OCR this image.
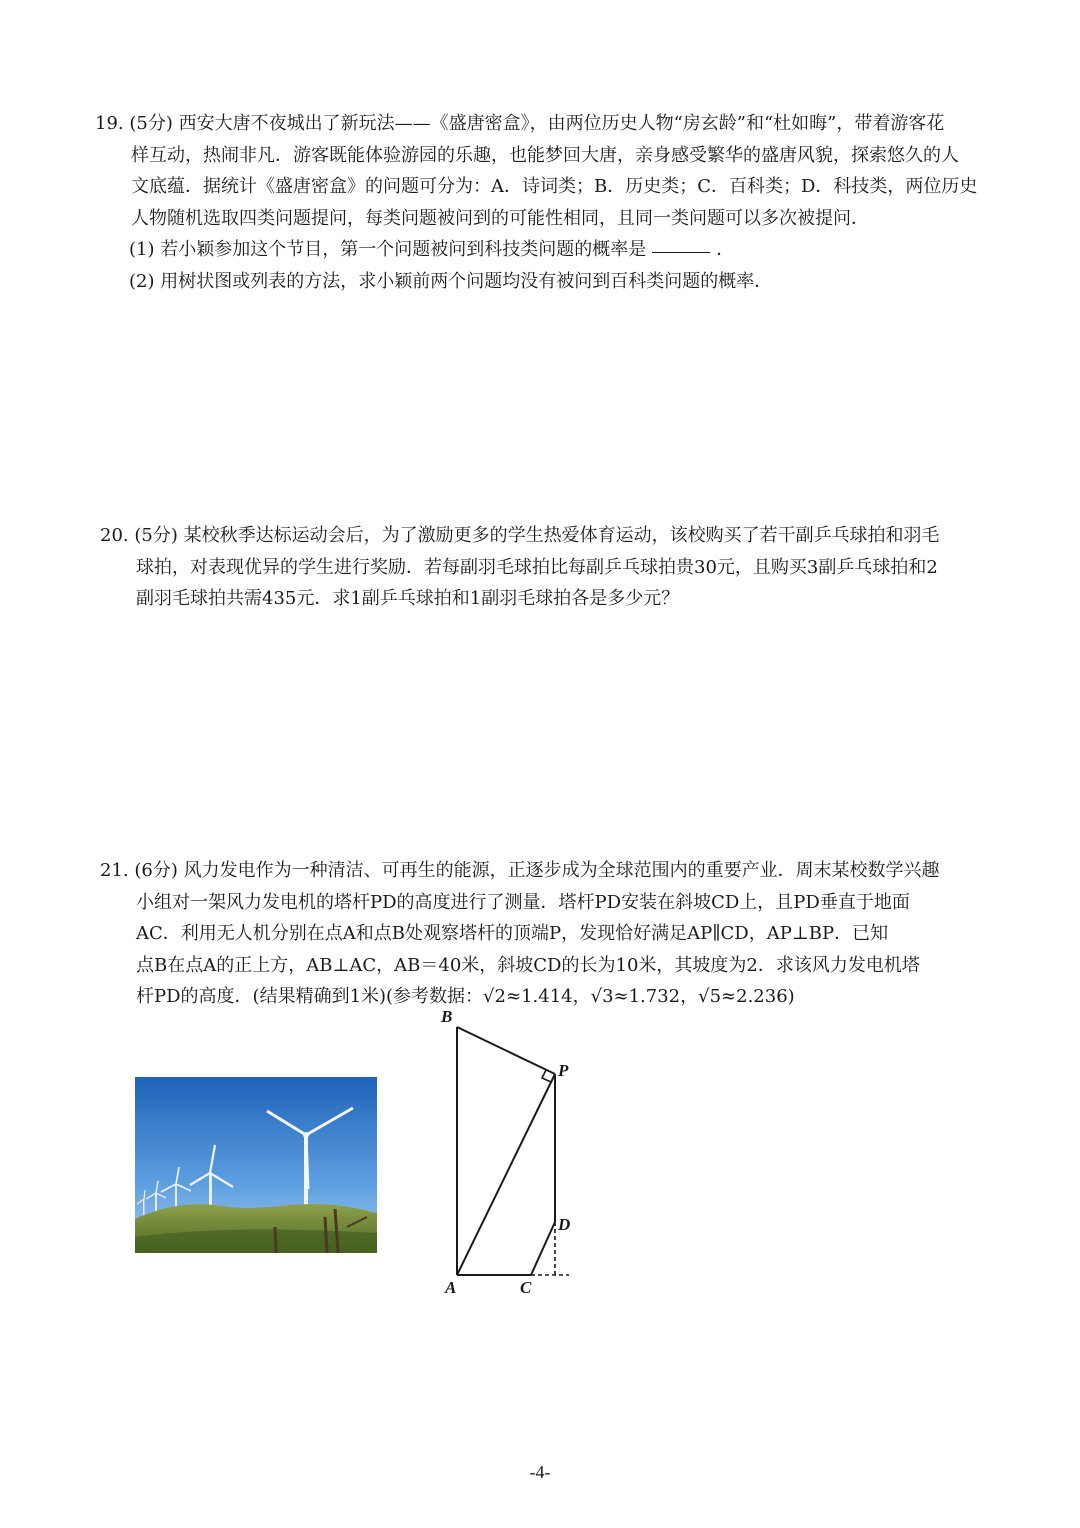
19. (5分) 西安大唐不夜城出了新玩法——《盛唐密盒》，由两位历史人物“房玄龄”和“杜如晦”，带着游客花

样互动，热闹非凡．游客既能体验游园的乐趣，也能梦回大唐，亲身感受繁华的盛唐风貌，探索悠久的人

文底蕴．据统计《盛唐密盒》的问题可分为：A．诗词类；B．历史类；C．百科类；D．科技类，两位历史

人物随机选取四类问题提问，每类问题被问到的可能性相同，且同一类问题可以多次被提问．

(1) 若小颖参加这个节目，第一个问题被问到科技类问题的概率是	．

(2) 用树状图或列表的方法，求小颖前两个问题均没有被问到百科类问题的概率．

20. (5分) 某校秋季达标运动会后，为了激励更多的学生热爱体育运动，该校购买了若干副乒乓球拍和羽毛

球拍，对表现优异的学生进行奖励．若每副羽毛球拍比每副乒乓球拍贵30元，且购买3副乒乓球拍和2

副羽毛球拍共需435元．求1副乒乓球拍和1副羽毛球拍各是多少元？

21. (6分) 风力发电作为一种清洁、可再生的能源，正逐步成为全球范围内的重要产业．周末某校数学兴趣

小组对一架风力发电机的塔杆PD的高度进行了测量．塔杆PD安装在斜坡CD上，且PD垂直于地面

AC．利用无人机分别在点A和点B处观察塔杆的顶端P，发现恰好满足AP∥CD，AP⊥BP．已知

点B在点A的正上方，AB⊥AC，AB＝40米，斜坡CD的长为10米，其坡度为2．求该风力发电机塔

杆PD的高度．(结果精确到1米)(参考数据：√2≈1.414，√3≈1.732，√5≈2.236)

B
P
D
A	C
-4-
